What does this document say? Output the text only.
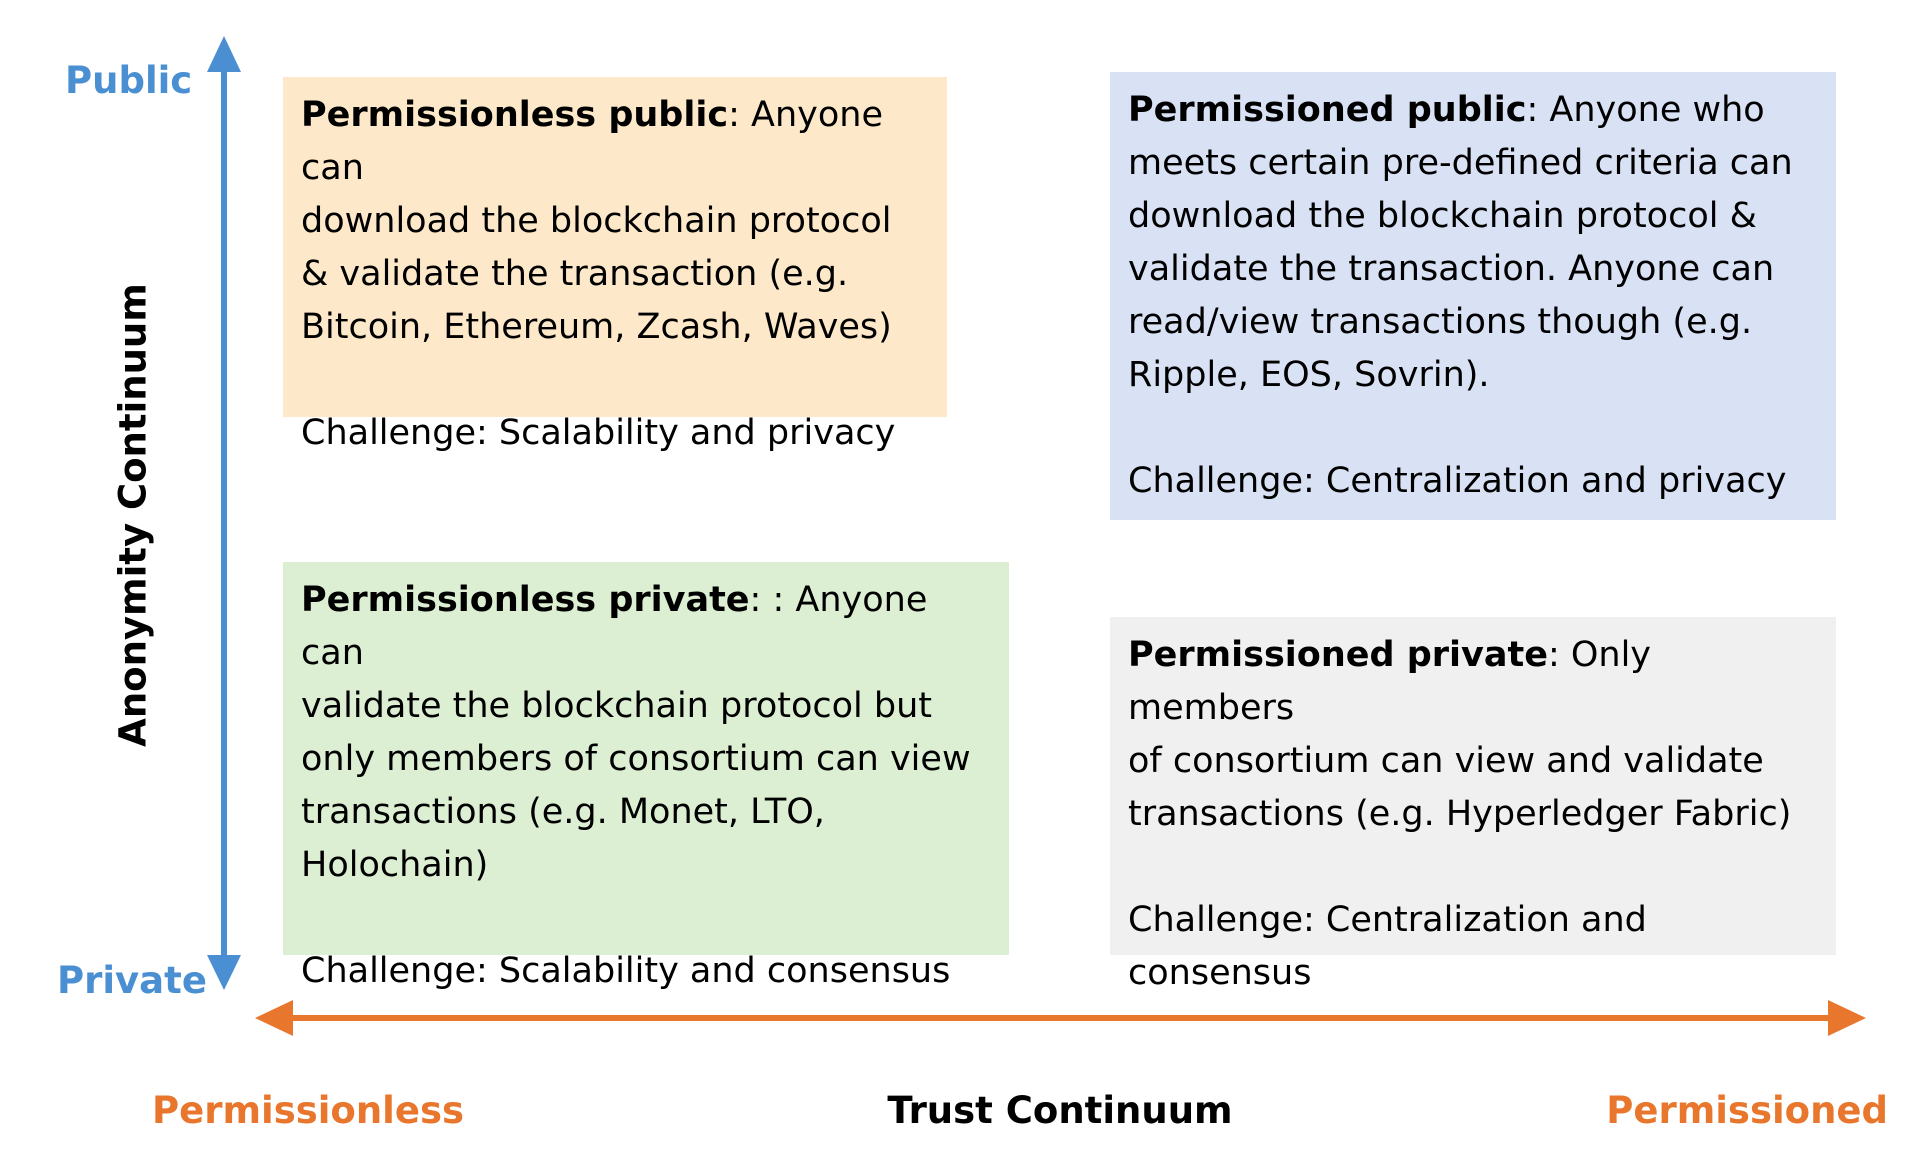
Public
Private
Anonymity Continuum
Permissionless	Trust Continuum	Permissioned

Permissionless public: Anyone can

download the blockchain protocol

& validate the transaction (e.g.

Bitcoin, Ethereum, Zcash, Waves)

Challenge: Scalability and privacy

Permissioned public: Anyone who

meets certain pre-defined criteria can

download the blockchain protocol &

validate the transaction. Anyone can

read/view transactions though (e.g.

Ripple, EOS, Sovrin).

Challenge: Centralization and privacy

Permissionless private: : Anyone can

validate the blockchain protocol but

only members of consortium can view

transactions (e.g. Monet, LTO,

Holochain)

Challenge: Scalability and consensus

Permissioned private: Only members

of consortium can view and validate

transactions (e.g. Hyperledger Fabric)

Challenge: Centralization and

consensus
